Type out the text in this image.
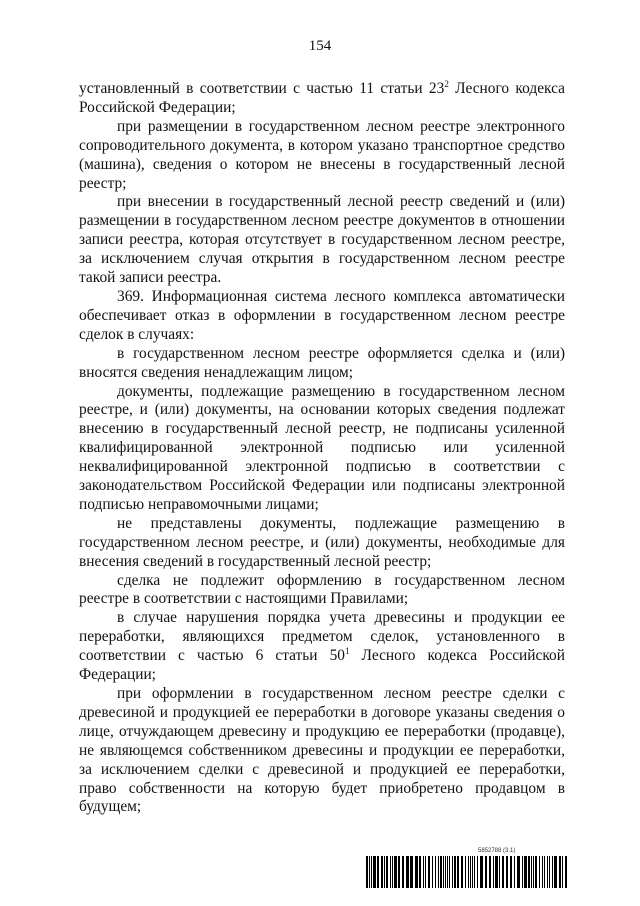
154

установленный в соответствии с частью 11 статьи $23^2$ Лесного кодекса Российской Федерации;

при размещении в государственном лесном реестре электронного сопроводительного документа, в котором указано транспортное средство (машина), сведения о котором не внесены в государственный лесной реестр;

при внесении в государственный лесной реестр сведений и (или) размещении в государственном лесном реестре документов в отношении записи реестра, которая отсутствует в государственном лесном реестре, за исключением случая открытия в государственном лесном реестре такой записи реестра.

369. Информационная система лесного комплекса автоматически обеспечивает отказ в оформлении в государственном лесном реестре сделок в случаях:

в государственном лесном реестре оформляется сделка и (или) вносятся сведения ненадлежащим лицом;

документы, подлежащие размещению в государственном лесном реестре, и (или) документы, на основании которых сведения подлежат внесению в государственный лесной реестр, не подписаны усиленной квалифицированной электронной подписью или усиленной неквалифицированной электронной подписью в соответствии с законодательством Российской Федерации или подписаны электронной подписью неправомочными лицами;

не представлены документы, подлежащие размещению в государственном лесном реестре, и (или) документы, необходимые для внесения сведений в государственный лесной реестр;

сделка не подлежит оформлению в государственном лесном реестре в соответствии с настоящими Правилами;

в случае нарушения порядка учета древесины и продукции ее переработки, являющихся предметом сделок, установленного в соответствии с частью 6 статьи $50^1$ Лесного кодекса Российской Федерации;

при оформлении в государственном лесном реестре сделки с древесиной и продукцией ее переработки в договоре указаны сведения о лице, отчуждающем древесину и продукцию ее переработки (продавце), не являющемся собственником древесины и продукции ее переработки, за исключением сделки с древесиной и продукцией ее переработки, право собственности на которую будет приобретено продавцом в будущем;

5852788 (3.1)
